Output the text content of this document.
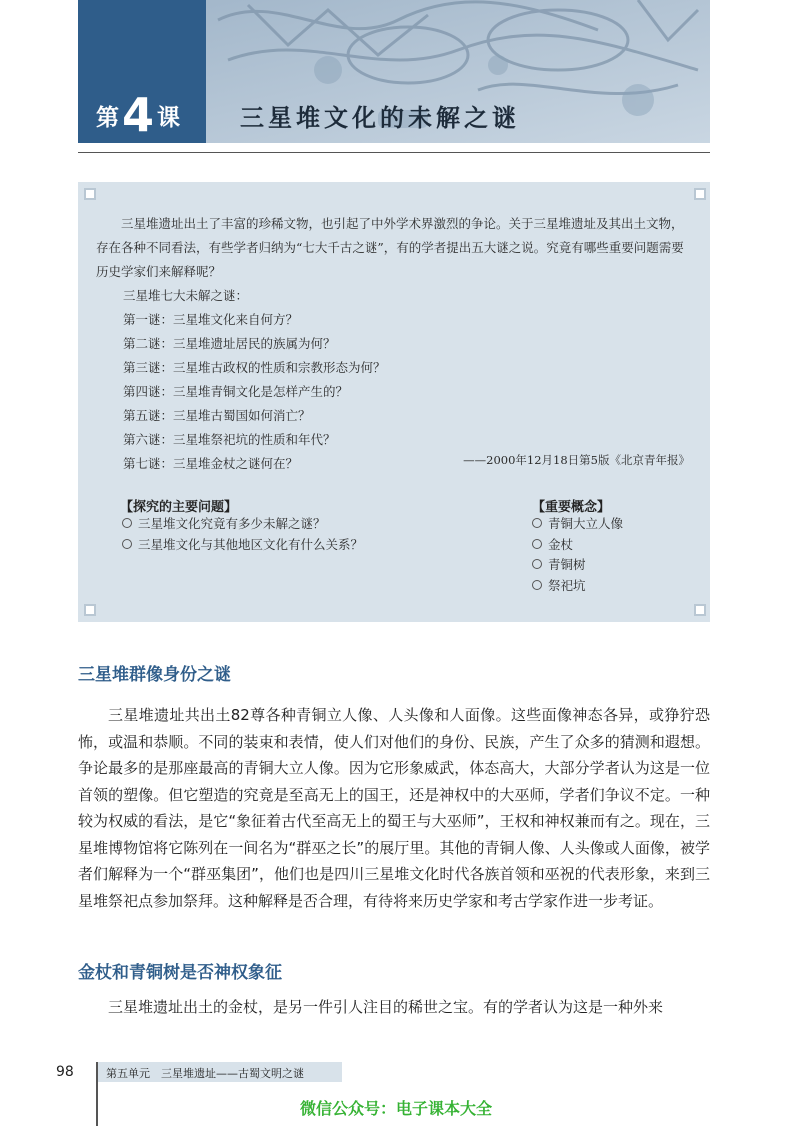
第4 课 三星堆文化的未解之谜

三星堆遗址出土了丰富的珍稀文物，也引起了中外学术界激烈的争论。关于三星堆遗址及其出土文物，存在各种不同看法，有些学者归纳为“七大千古之谜”，有的学者提出五大谜之说。究竟有哪些重要问题需要历史学家们来解释呢？

三星堆七大未解之谜：

第一谜：三星堆文化来自何方？

第二谜：三星堆遗址居民的族属为何？

第三谜：三星堆古政权的性质和宗教形态为何？

第四谜：三星堆青铜文化是怎样产生的？

第五谜：三星堆古蜀国如何消亡？

第六谜：三星堆祭祀坑的性质和年代？

第七谜：三星堆金杖之谜何在？	——2000年12月18日第5版《北京青年报》
【探究的主要问题】
三星堆文化究竟有多少未解之谜？
三星堆文化与其他地区文化有什么关系？
【重要概念】
青铜大立人像
金杖
青铜树
祭祀坑
三星堆群像身份之谜

三星堆遗址共出土82尊各种青铜立人像、人头像和人面像。这些面像神态各异，或狰狞恐怖，或温和恭顺。不同的装束和表情，使人们对他们的身份、民族，产生了众多的猜测和遐想。争论最多的是那座最高的青铜大立人像。因为它形象威武，体态高大，大部分学者认为这是一位首领的塑像。但它塑造的究竟是至高无上的国王，还是神权中的大巫师，学者们争议不定。一种较为权威的看法，是它“象征着古代至高无上的蜀王与大巫师”，王权和神权兼而有之。现在，三星堆博物馆将它陈列在一间名为“群巫之长”的展厅里。其他的青铜人像、人头像或人面像，被学者们解释为一个“群巫集团”，他们也是四川三星堆文化时代各族首领和巫祝的代表形象，来到三星堆祭祀点参加祭拜。这种解释是否合理，有待将来历史学家和考古学家作进一步考证。

金杖和青铜树是否神权象征

三星堆遗址出土的金杖，是另一件引人注目的稀世之宝。有的学者认为这是一种外来

98	第五单元　三星堆遗址——古蜀文明之谜
微信公众号：电子课本大全
